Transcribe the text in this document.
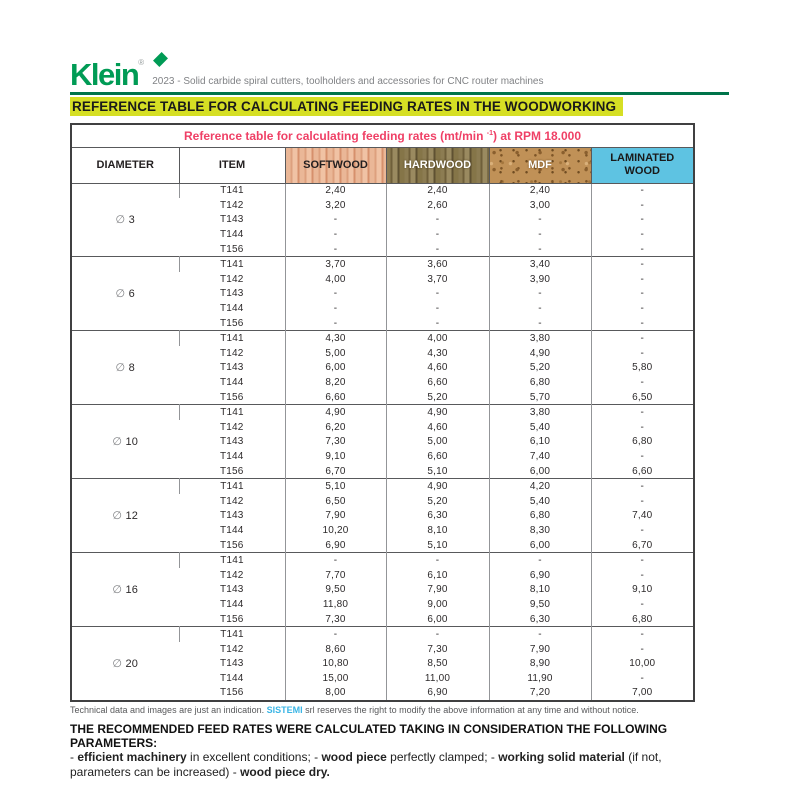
Klein®
2023 - Solid carbide spiral cutters, toolholders and accessories for CNC router machines
REFERENCE TABLE FOR CALCULATING FEEDING RATES IN THE WOODWORKING
Reference table for calculating feeding rates (mt/min $^{-1}$) at RPM 18.000					
DIAMETER	ITEM	SOFTWOOD	HARDWOOD	MDF	LAMINATED WOOD
∅ 3	T141	2,40	2,40	2,40	-
	T142	3,20	2,60	3,00	-
	T143	-	-	-	-
	T144	-	-	-	-
	T156	-	-	-	-
∅ 6	T141	3,70	3,60	3,40	-
	T142	4,00	3,70	3,90	-
	T143	-	-	-	-
	T144	-	-	-	-
	T156	-	-	-	-
∅ 8	T141	4,30	4,00	3,80	-
	T142	5,00	4,30	4,90	-
	T143	6,00	4,60	5,20	5,80
	T144	8,20	6,60	6,80	-
	T156	6,60	5,20	5,70	6,50
∅ 10	T141	4,90	4,90	3,80	-
	T142	6,20	4,60	5,40	-
	T143	7,30	5,00	6,10	6,80
	T144	9,10	6,60	7,40	-
	T156	6,70	5,10	6,00	6,60
∅ 12	T141	5,10	4,90	4,20	-
	T142	6,50	5,20	5,40	-
	T143	7,90	6,30	6,80	7,40
	T144	10,20	8,10	8,30	-
	T156	6,90	5,10	6,00	6,70
∅ 16	T141	-	-	-	-
	T142	7,70	6,10	6,90	-
	T143	9,50	7,90	8,10	9,10
	T144	11,80	9,00	9,50	-
	T156	7,30	6,00	6,30	6,80
∅ 20	T141	-	-	-	-
	T142	8,60	7,30	7,90	-
	T143	10,80	8,50	8,90	10,00
	T144	15,00	11,00	11,90	-
	T156	8,00	6,90	7,20	7,00
Technical data and images are just an indication. SISTEMI srl reserves the right to modify the above information at any time and without notice.
THE RECOMMENDED FEED RATES WERE CALCULATED TAKING IN CONSIDERATION THE FOLLOWING PARAMETERS:
- efficient machinery in excellent conditions; - wood piece perfectly clamped; - working solid material (if not, parameters can be increased) - wood piece dry.
